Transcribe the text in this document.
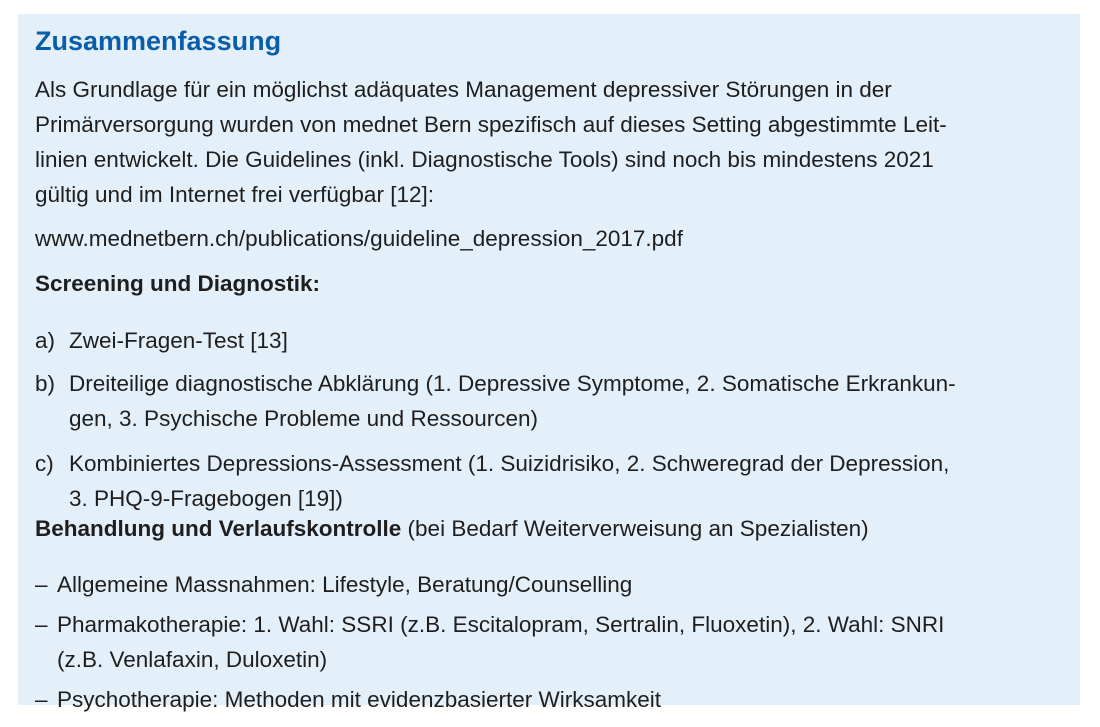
Zusammenfassung
Als Grundlage für ein möglichst adäquates Management depressiver Störungen in der
Primärversorgung wurden von mednet Bern spezifisch auf dieses Setting abgestimmte Leit-
linien entwickelt. Die Guidelines (inkl. Diagnostische Tools) sind noch bis mindestens 2021
gültig und im Internet frei verfügbar [12]:
www.mednetbern.ch/publications/guideline_depression_2017.pdf
Screening und Diagnostik:
a) Zwei-Fragen-Test [13]
b) Dreiteilige diagnostische Abklärung (1. Depressive Symptome, 2. Somatische Erkrankun-
gen, 3. Psychische Probleme und Ressourcen)
c) Kombiniertes Depressions-Assessment (1. Suizidrisiko, 2. Schweregrad der Depression,
3. PHQ-9-Fragebogen [19])
Behandlung und Verlaufskontrolle (bei Bedarf Weiterverweisung an Spezialisten)
– Allgemeine Massnahmen: Lifestyle, Beratung/Counselling
– Pharmakotherapie: 1. Wahl: SSRI (z.B. Escitalopram, Sertralin, Fluoxetin), 2. Wahl: SNRI
(z.B. Venlafaxin, Duloxetin)
– Psychotherapie: Methoden mit evidenzbasierter Wirksamkeit
